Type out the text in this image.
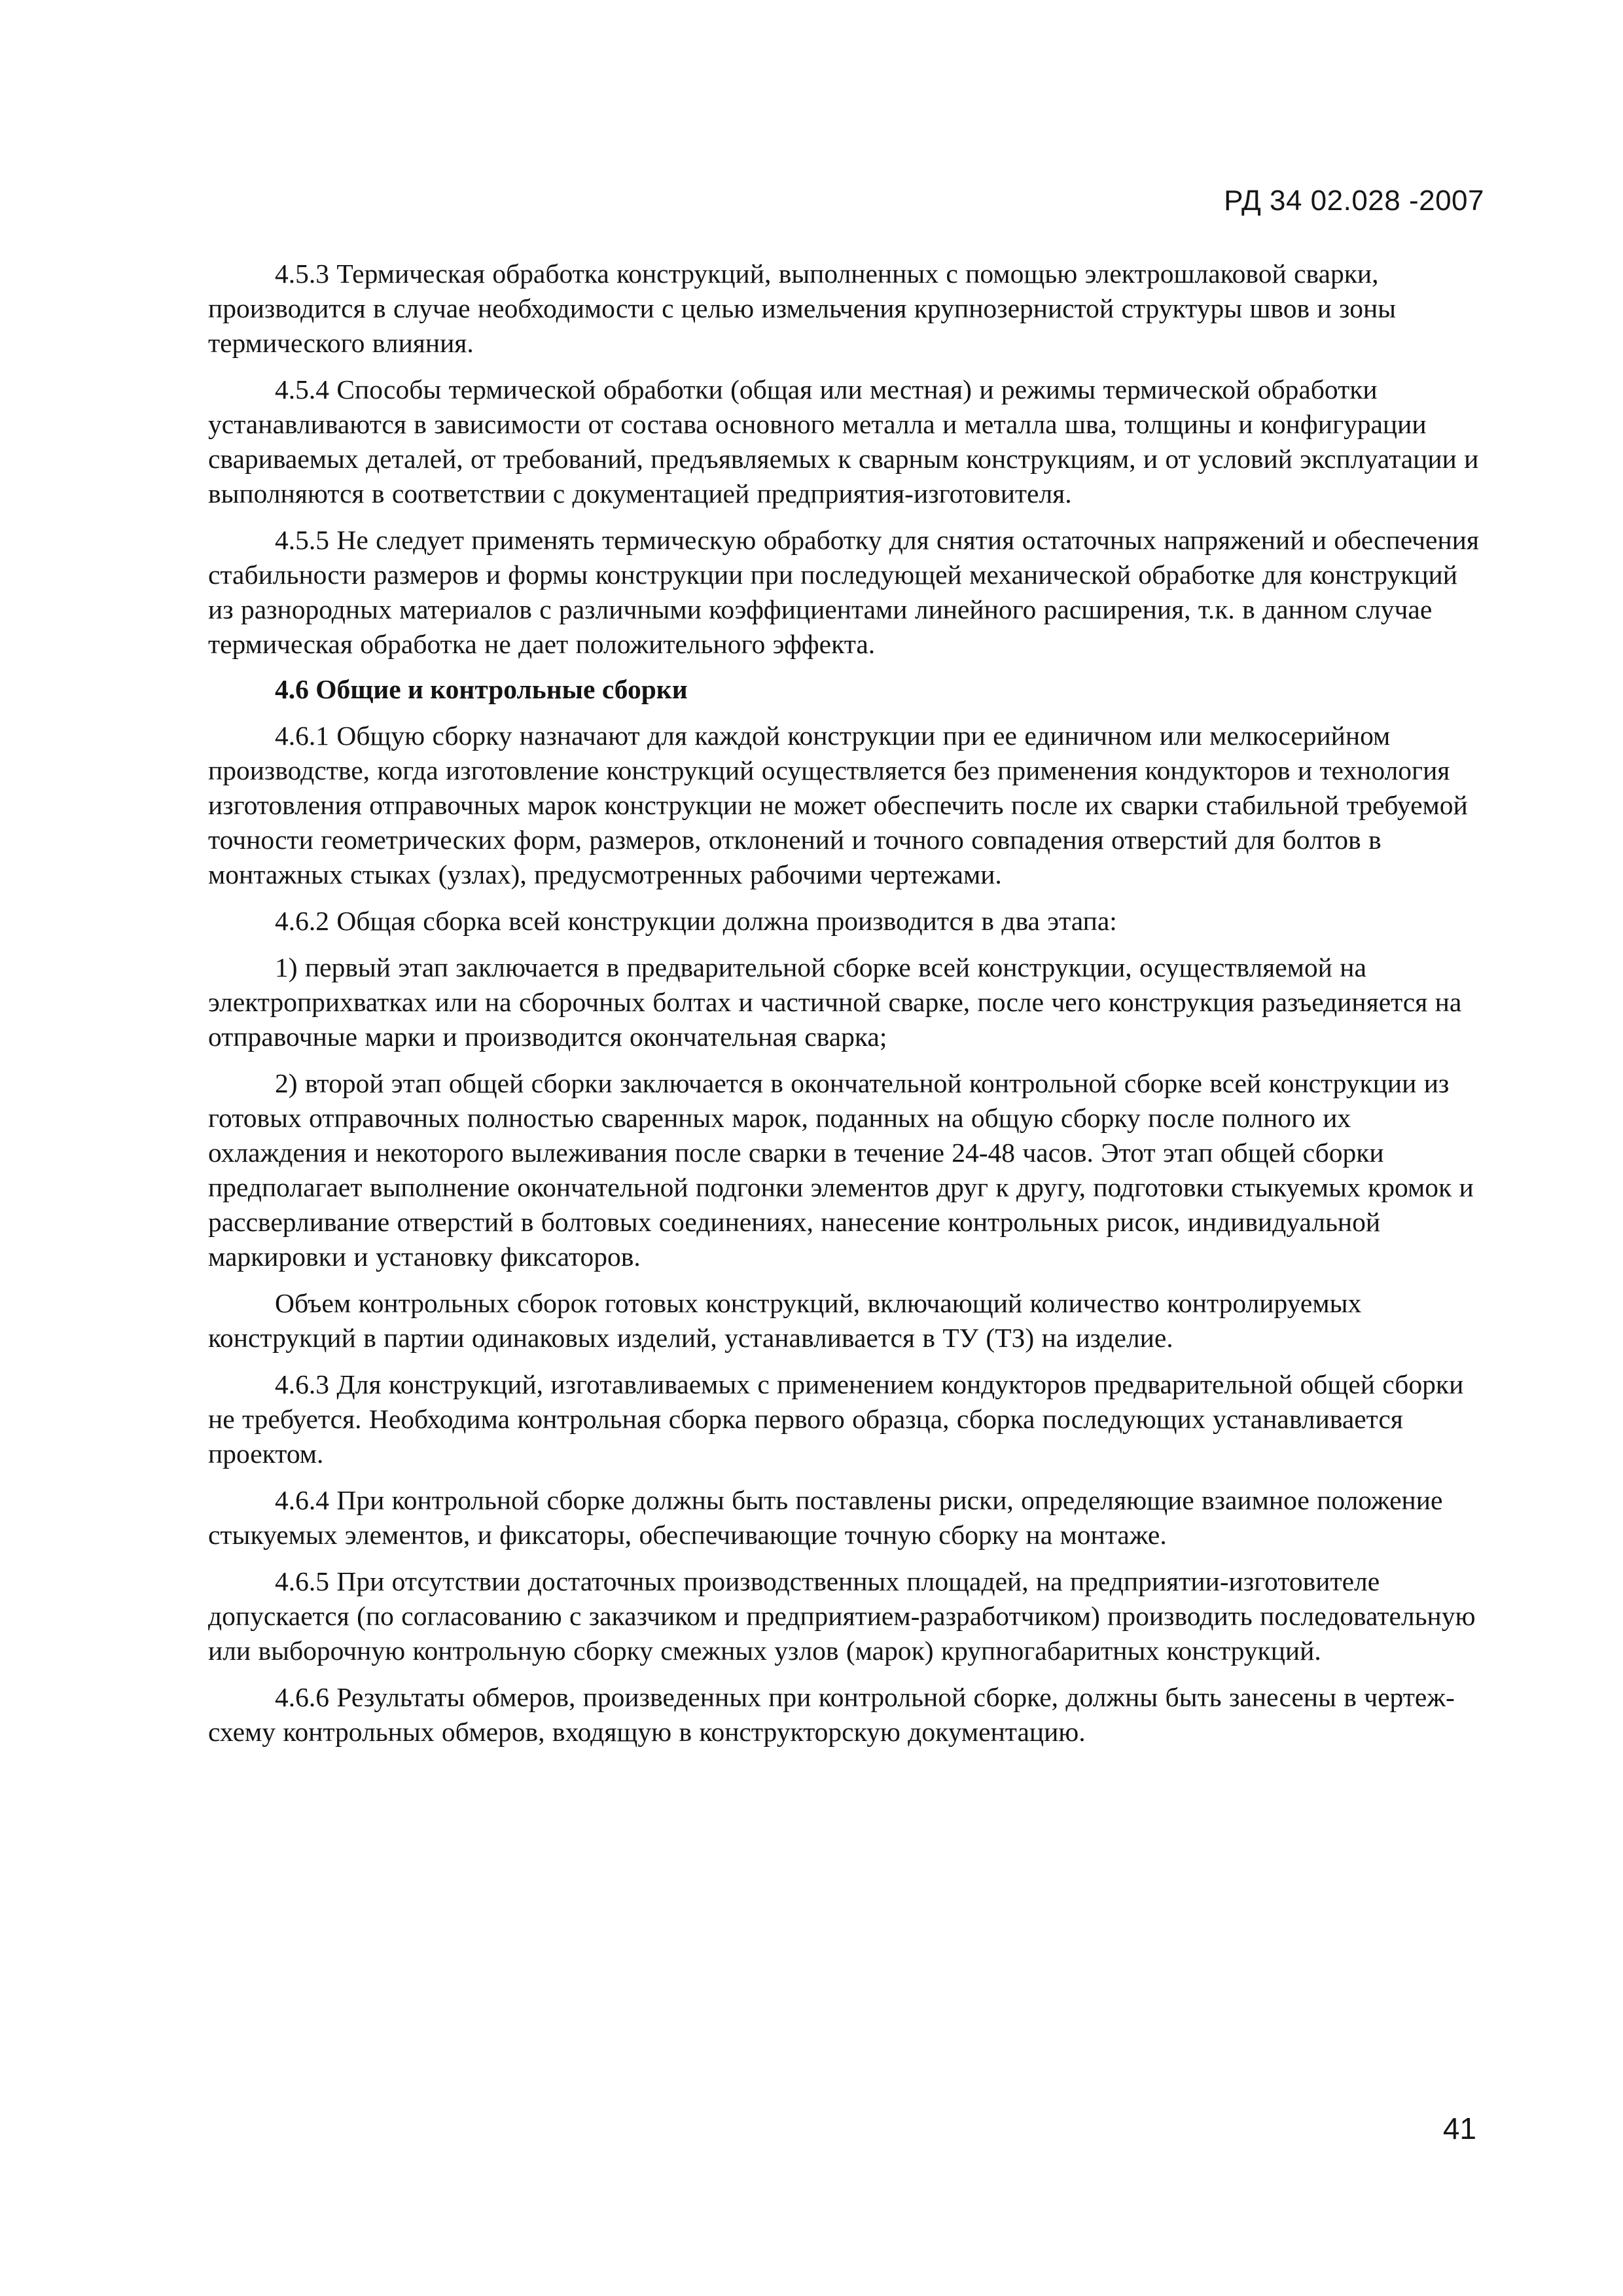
РД 34 02.028 -2007

4.5.3 Термическая обработка конструкций, выполненных с помощью электрошлаковой сварки, производится в случае необходимости с целью измельчения крупнозернистой структуры швов и зоны термического влияния.

4.5.4 Способы термической обработки (общая или местная) и режимы термической обработки устанавливаются в зависимости от состава основного металла и металла шва, толщины и конфигурации свариваемых деталей, от требований, предъявляемых к сварным конструкциям, и от условий эксплуатации и выполняются в соответствии с документацией предприятия-изготовителя.

4.5.5 Не следует применять термическую обработку для снятия остаточных напряжений и обеспечения стабильности размеров и формы конструкции при последующей механической обработке для конструкций из разнородных материалов с различными коэффициентами линейного расширения, т.к. в данном случае термическая обработка не дает положительного эффекта.

4.6 Общие и контрольные сборки

4.6.1 Общую сборку назначают для каждой конструкции при ее единичном или мелкосерийном производстве, когда изготовление конструкций осуществляется без применения кондукторов и технология изготовления отправочных марок конструкции не может обеспечить после их сварки стабильной требуемой точности геометрических форм, размеров, отклонений и точного совпадения отверстий для болтов в монтажных стыках (узлах), предусмотренных рабочими чертежами.

4.6.2 Общая сборка всей конструкции должна производится в два этапа:

1) первый этап заключается в предварительной сборке всей конструкции, осуществляемой на электроприхватках или на сборочных болтах и частичной сварке, после чего конструкция разъединяется на отправочные марки и производится окончательная сварка;

2) второй этап общей сборки заключается в окончательной контрольной сборке всей конструкции из готовых отправочных полностью сваренных марок, поданных на общую сборку после полного их охлаждения и некоторого вылеживания после сварки в течение 24-48 часов. Этот этап общей сборки предполагает выполнение окончательной подгонки элементов друг к другу, подготовки стыкуемых кромок и рассверливание отверстий в болтовых соединениях, нанесение контрольных рисок, индивидуальной маркировки и установку фиксаторов.

Объем контрольных сборок готовых конструкций, включающий количество контролируемых конструкций в партии одинаковых изделий, устанавливается в ТУ (ТЗ) на изделие.

4.6.3 Для конструкций, изготавливаемых с применением кондукторов предварительной общей сборки не требуется. Необходима контрольная сборка первого образца, сборка последующих устанавливается проектом.

4.6.4 При контрольной сборке должны быть поставлены риски, определяющие взаимное положение стыкуемых элементов, и фиксаторы, обеспечивающие точную сборку на монтаже.

4.6.5 При отсутствии достаточных производственных площадей, на предприятии-изготовителе допускается (по согласованию с заказчиком и предприятием-разработчиком) производить последовательную или выборочную контрольную сборку смежных узлов (марок) крупногабаритных конструкций.

4.6.6 Результаты обмеров, произведенных при контрольной сборке, должны быть занесены в чертеж-схему контрольных обмеров, входящую в конструкторскую документацию.

41
